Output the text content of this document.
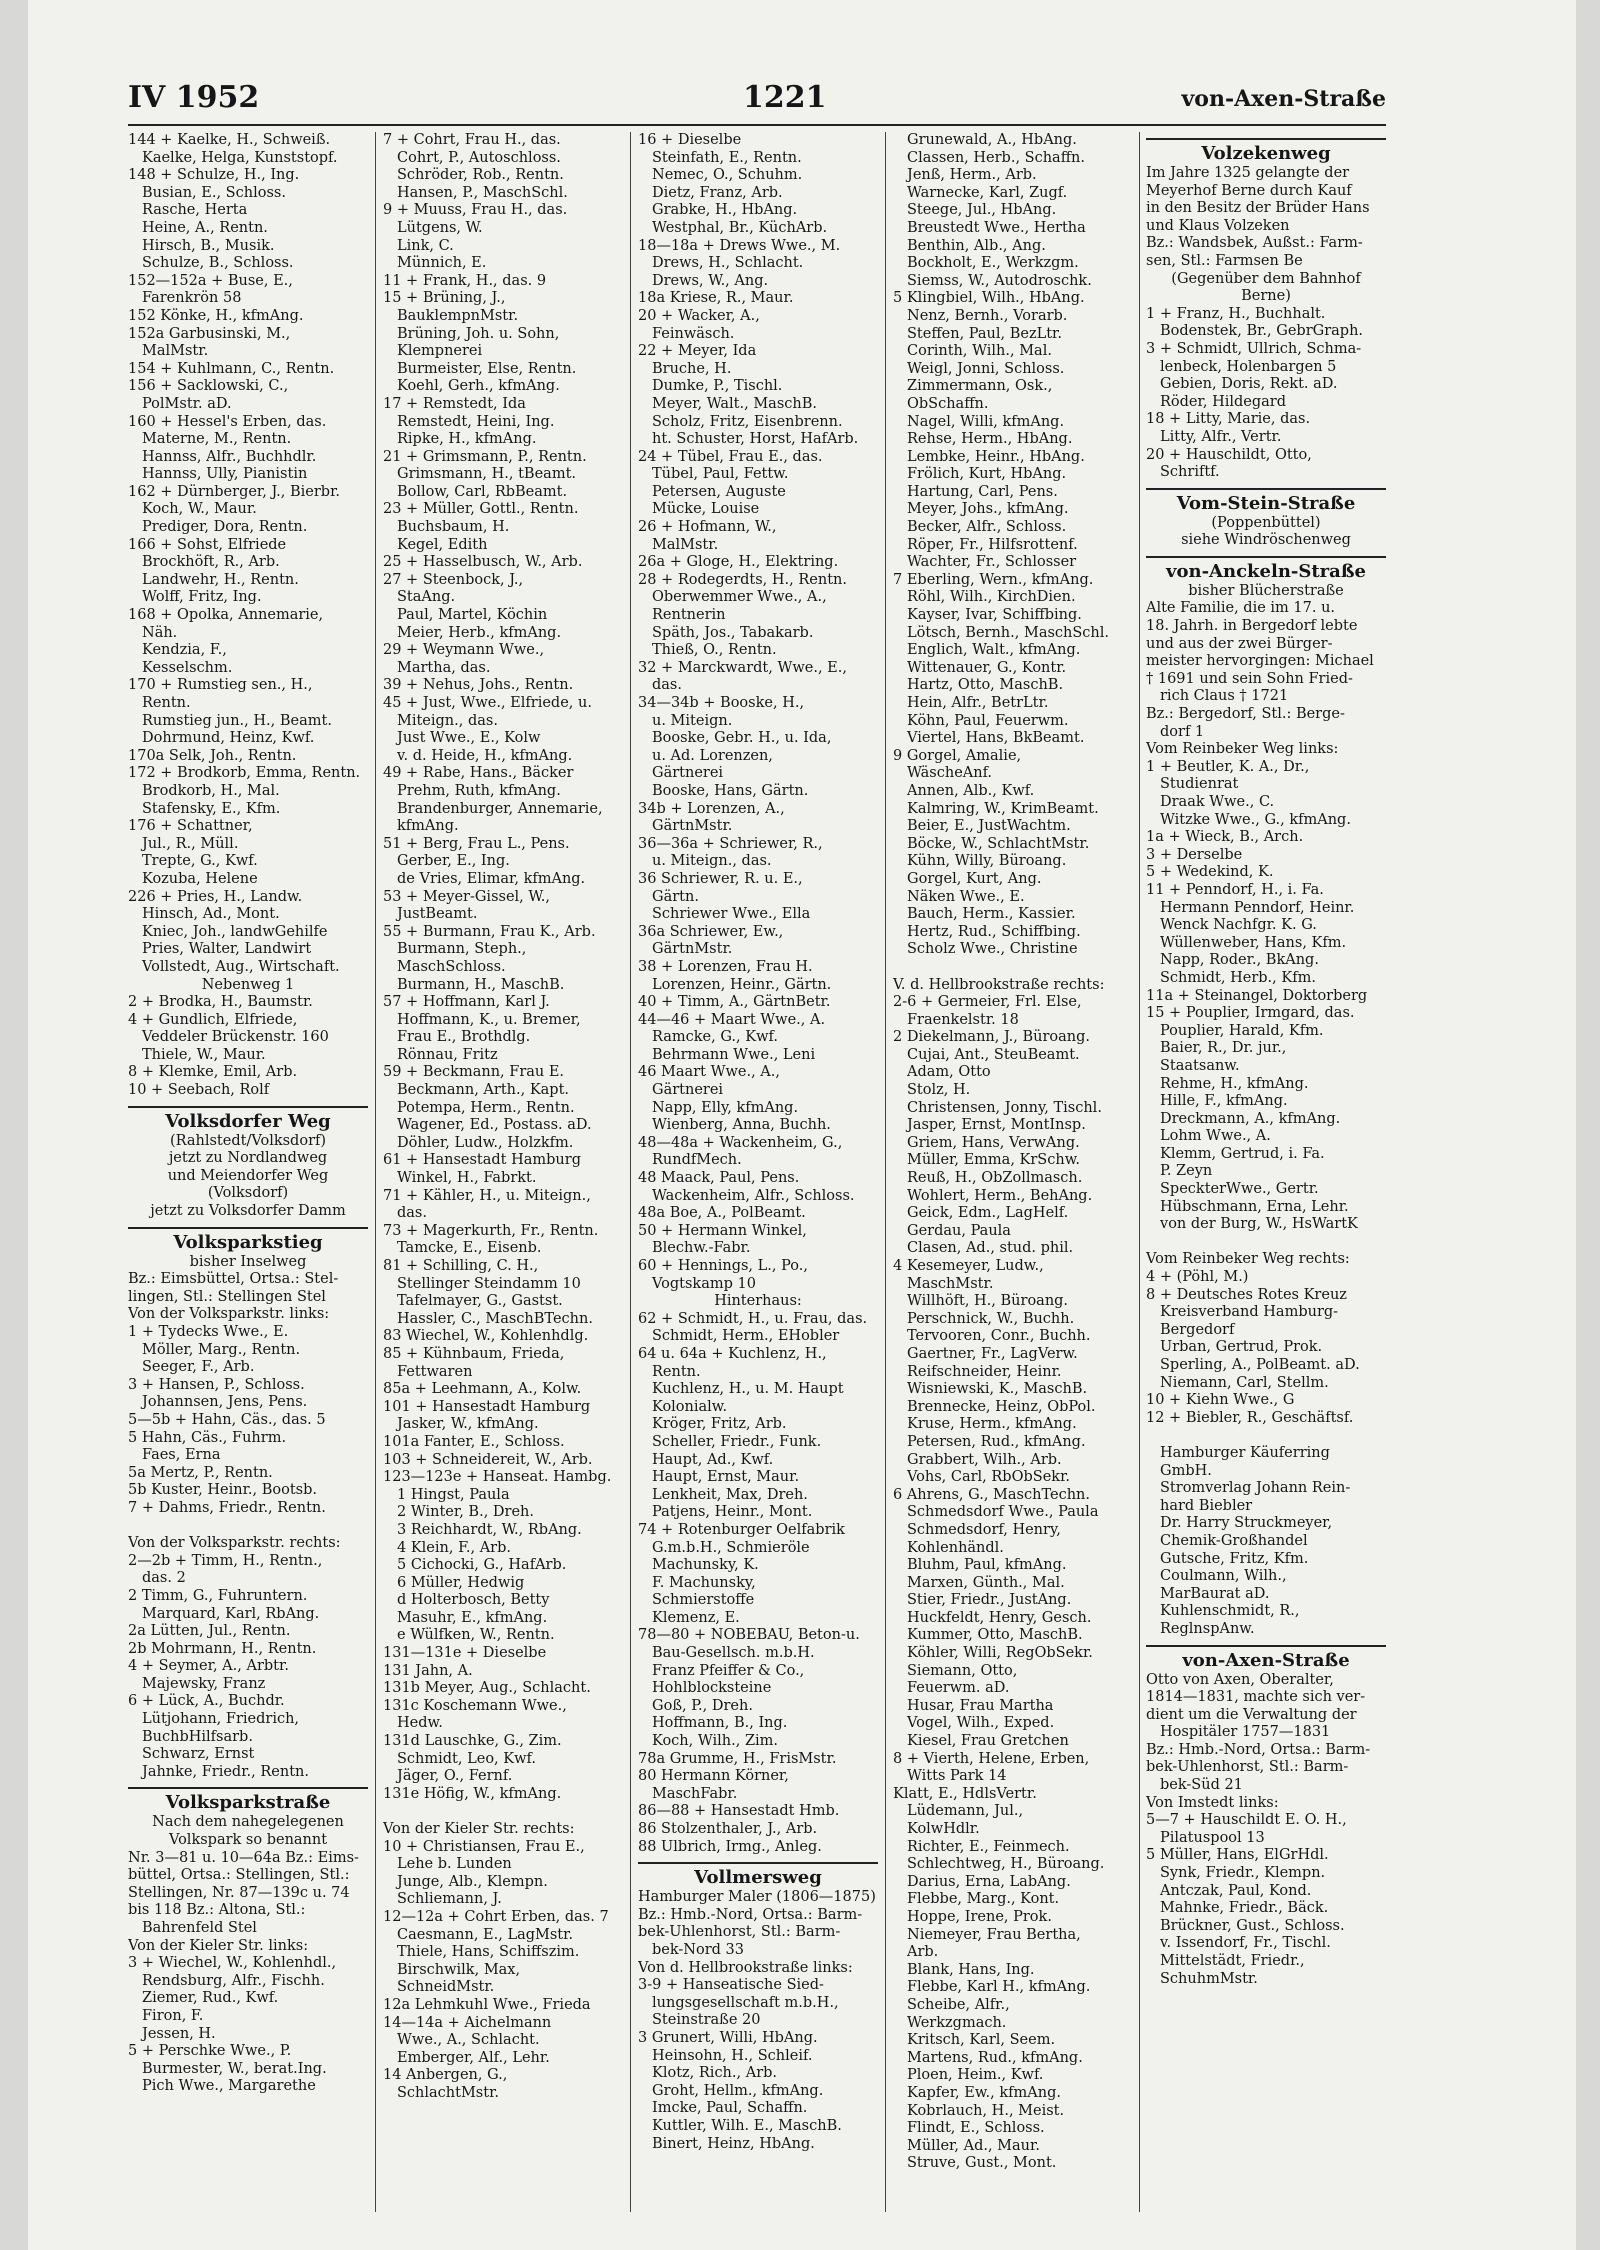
IV 1952	1221	von-Axen-Straße
144 + Kaelke, H., Schweiß.
Kaelke, Helga, Kunststopf.
148 + Schulze, H., Ing.
Busian, E., Schloss.
Rasche, Herta
Heine, A., Rentn.
Hirsch, B., Musik.
Schulze, B., Schloss.
152—152a + Buse, E.,
Farenkrön 58
152 Könke, H., kfmAng.
152a Garbusinski, M.,
MalMstr.
154 + Kuhlmann, C., Rentn.
156 + Sacklowski, C.,
PolMstr. aD.
160 + Hessel's Erben, das.
Materne, M., Rentn.
Hannss, Alfr., Buchhdlr.
Hannss, Ully, Pianistin
162 + Dürnberger, J., Bierbr.
Koch, W., Maur.
Prediger, Dora, Rentn.
166 + Sohst, Elfriede
Brockhöft, R., Arb.
Landwehr, H., Rentn.
Wolff, Fritz, Ing.
168 + Opolka, Annemarie,
Näh.
Kendzia, F.,
Kesselschm.
170 + Rumstieg sen., H.,
Rentn.
Rumstieg jun., H., Beamt.
Dohrmund, Heinz, Kwf.
170a Selk, Joh., Rentn.
172 + Brodkorb, Emma, Rentn.
Brodkorb, H., Mal.
Stafensky, E., Kfm.
176 + Schattner,
Jul., R., Müll.
Trepte, G., Kwf.
Kozuba, Helene
226 + Pries, H., Landw.
Hinsch, Ad., Mont.
Kniec, Joh., landwGehilfe
Pries, Walter, Landwirt
Vollstedt, Aug., Wirtschaft.
Nebenweg 1
2 + Brodka, H., Baumstr.
4 + Gundlich, Elfriede,
Veddeler Brückenstr. 160
Thiele, W., Maur.
8 + Klemke, Emil, Arb.
10 + Seebach, Rolf
Volksdorfer Weg
(Rahlstedt/Volksdorf)
jetzt zu Nordlandweg
und Meiendorfer Weg
(Volksdorf)
jetzt zu Volksdorfer Damm
Volksparkstieg
bisher Inselweg
Bz.: Eimsbüttel, Ortsa.: Stel-
lingen, Stl.: Stellingen Stel
Von der Volksparkstr. links:
1 + Tydecks Wwe., E.
Möller, Marg., Rentn.
Seeger, F., Arb.
3 + Hansen, P., Schloss.
Johannsen, Jens, Pens.
5—5b + Hahn, Cäs., das. 5
5 Hahn, Cäs., Fuhrm.
Faes, Erna
5a Mertz, P., Rentn.
5b Kuster, Heinr., Bootsb.
7 + Dahms, Friedr., Rentn.

Von der Volksparkstr. rechts:
2—2b + Timm, H., Rentn.,
das. 2
2 Timm, G., Fuhruntern.
Marquard, Karl, RbAng.
2a Lütten, Jul., Rentn.
2b Mohrmann, H., Rentn.
4 + Seymer, A., Arbtr.
Majewsky, Franz
6 + Lück, A., Buchdr.
Lütjohann, Friedrich,
BuchbHilfsarb.
Schwarz, Ernst
Jahnke, Friedr., Rentn.
Volksparkstraße
Nach dem nahegelegenen
Volkspark so benannt
Nr. 3—81 u. 10—64a Bz.: Eims-
büttel, Ortsa.: Stellingen, Stl.:
Stellingen, Nr. 87—139c u. 74
bis 118 Bz.: Altona, Stl.:
Bahrenfeld Stel
Von der Kieler Str. links:
3 + Wiechel, W., Kohlenhdl.,
Rendsburg, Alfr., Fischh.
Ziemer, Rud., Kwf.
Firon, F.
Jessen, H.
5 + Perschke Wwe., P.
Burmester, W., berat.Ing.
Pich Wwe., Margarethe
7 + Cohrt, Frau H., das.
Cohrt, P., Autoschloss.
Schröder, Rob., Rentn.
Hansen, P., MaschSchl.
9 + Muuss, Frau H., das.
Lütgens, W.
Link, C.
Münnich, E.
11 + Frank, H., das. 9
15 + Brüning, J.,
BauklempnMstr.
Brüning, Joh. u. Sohn,
Klempnerei
Burmeister, Else, Rentn.
Koehl, Gerh., kfmAng.
17 + Remstedt, Ida
Remstedt, Heini, Ing.
Ripke, H., kfmAng.
21 + Grimsmann, P., Rentn.
Grimsmann, H., tBeamt.
Bollow, Carl, RbBeamt.
23 + Müller, Gottl., Rentn.
Buchsbaum, H.
Kegel, Edith
25 + Hasselbusch, W., Arb.
27 + Steenbock, J.,
StaAng.
Paul, Martel, Köchin
Meier, Herb., kfmAng.
29 + Weymann Wwe.,
Martha, das.
39 + Nehus, Johs., Rentn.
45 + Just, Wwe., Elfriede, u.
Miteign., das.
Just Wwe., E., Kolw
v. d. Heide, H., kfmAng.
49 + Rabe, Hans., Bäcker
Prehm, Ruth, kfmAng.
Brandenburger, Annemarie,
kfmAng.
51 + Berg, Frau L., Pens.
Gerber, E., Ing.
de Vries, Elimar, kfmAng.
53 + Meyer-Gissel, W.,
JustBeamt.
55 + Burmann, Frau K., Arb.
Burmann, Steph.,
MaschSchloss.
Burmann, H., MaschB.
57 + Hoffmann, Karl J.
Hoffmann, K., u. Bremer,
Frau E., Brothdlg.
Rönnau, Fritz
59 + Beckmann, Frau E.
Beckmann, Arth., Kapt.
Potempa, Herm., Rentn.
Wagener, Ed., Postass. aD.
Döhler, Ludw., Holzkfm.
61 + Hansestadt Hamburg
Winkel, H., Fabrkt.
71 + Kähler, H., u. Miteign.,
das.
73 + Magerkurth, Fr., Rentn.
Tamcke, E., Eisenb.
81 + Schilling, C. H.,
Stellinger Steindamm 10
Tafelmayer, G., Gastst.
Hassler, C., MaschBTechn.
83 Wiechel, W., Kohlenhdlg.
85 + Kühnbaum, Frieda,
Fettwaren
85a + Leehmann, A., Kolw.
101 + Hansestadt Hamburg
Jasker, W., kfmAng.
101a Fanter, E., Schloss.
103 + Schneidereit, W., Arb.
123—123e + Hanseat. Hambg.
1 Hingst, Paula
2 Winter, B., Dreh.
3 Reichhardt, W., RbAng.
4 Klein, F., Arb.
5 Cichocki, G., HafArb.
6 Müller, Hedwig
d Holterbosch, Betty
Masuhr, E., kfmAng.
e Wülfken, W., Rentn.
131—131e + Dieselbe
131 Jahn, A.
131b Meyer, Aug., Schlacht.
131c Koschemann Wwe.,
Hedw.
131d Lauschke, G., Zim.
Schmidt, Leo, Kwf.
Jäger, O., Fernf.
131e Höfig, W., kfmAng.

Von der Kieler Str. rechts:
10 + Christiansen, Frau E.,
Lehe b. Lunden
Junge, Alb., Klempn.
Schliemann, J.
12—12a + Cohrt Erben, das. 7
Caesmann, E., LagMstr.
Thiele, Hans, Schiffszim.
Birschwilk, Max,
SchneidMstr.
12a Lehmkuhl Wwe., Frieda
14—14a + Aichelmann
Wwe., A., Schlacht.
Emberger, Alf., Lehr.
14 Anbergen, G.,
SchlachtMstr.
16 + Dieselbe
Steinfath, E., Rentn.
Nemec, O., Schuhm.
Dietz, Franz, Arb.
Grabke, H., HbAng.
Westphal, Br., KüchArb.
18—18a + Drews Wwe., M.
Drews, H., Schlacht.
Drews, W., Ang.
18a Kriese, R., Maur.
20 + Wacker, A.,
Feinwäsch.
22 + Meyer, Ida
Bruche, H.
Dumke, P., Tischl.
Meyer, Walt., MaschB.
Scholz, Fritz, Eisenbrenn.
ht. Schuster, Horst, HafArb.
24 + Tübel, Frau E., das.
Tübel, Paul, Fettw.
Petersen, Auguste
Mücke, Louise
26 + Hofmann, W.,
MalMstr.
26a + Gloge, H., Elektring.
28 + Rodegerdts, H., Rentn.
Oberwemmer Wwe., A.,
Rentnerin
Späth, Jos., Tabakarb.
Thieß, O., Rentn.
32 + Marckwardt, Wwe., E.,
das.
34—34b + Booske, H.,
u. Miteign.
Booske, Gebr. H., u. Ida,
u. Ad. Lorenzen,
Gärtnerei
Booske, Hans, Gärtn.
34b + Lorenzen, A.,
GärtnMstr.
36—36a + Schriewer, R.,
u. Miteign., das.
36 Schriewer, R. u. E.,
Gärtn.
Schriewer Wwe., Ella
36a Schriewer, Ew.,
GärtnMstr.
38 + Lorenzen, Frau H.
Lorenzen, Heinr., Gärtn.
40 + Timm, A., GärtnBetr.
44—46 + Maart Wwe., A.
Ramcke, G., Kwf.
Behrmann Wwe., Leni
46 Maart Wwe., A.,
Gärtnerei
Napp, Elly, kfmAng.
Wienberg, Anna, Buchh.
48—48a + Wackenheim, G.,
RundfMech.
48 Maack, Paul, Pens.
Wackenheim, Alfr., Schloss.
48a Boe, A., PolBeamt.
50 + Hermann Winkel,
Blechw.-Fabr.
60 + Hennings, L., Po.,
Vogtskamp 10
Hinterhaus:
62 + Schmidt, H., u. Frau, das.
Schmidt, Herm., EHobler
64 u. 64a + Kuchlenz, H.,
Rentn.
Kuchlenz, H., u. M. Haupt
Kolonialw.
Kröger, Fritz, Arb.
Scheller, Friedr., Funk.
Haupt, Ad., Kwf.
Haupt, Ernst, Maur.
Lenkheit, Max, Dreh.
Patjens, Heinr., Mont.
74 + Rotenburger Oelfabrik
G.m.b.H., Schmieröle
Machunsky, K.
F. Machunsky,
Schmierstoffe
Klemenz, E.
78—80 + NOBEBAU, Beton-u.
Bau-Gesellsch. m.b.H.
Franz Pfeiffer & Co.,
Hohlblocksteine
Goß, P., Dreh.
Hoffmann, B., Ing.
Koch, Wilh., Zim.
78a Grumme, H., FrisMstr.
80 Hermann Körner,
MaschFabr.
86—88 + Hansestadt Hmb.
86 Stolzenthaler, J., Arb.
88 Ulbrich, Irmg., Anleg.
Vollmersweg
Hamburger Maler (1806—1875)
Bz.: Hmb.-Nord, Ortsa.: Barm-
bek-Uhlenhorst, Stl.: Barm-
bek-Nord 33
Von d. Hellbrookstraße links:
3-9 + Hanseatische Sied-
lungsgesellschaft m.b.H.,
Steinstraße 20
3 Grunert, Willi, HbAng.
Heinsohn, H., Schleif.
Klotz, Rich., Arb.
Groht, Hellm., kfmAng.
Imcke, Paul, Schaffn.
Kuttler, Wilh. E., MaschB.
Binert, Heinz, HbAng.
Grunewald, A., HbAng.
Classen, Herb., Schaffn.
Jenß, Herm., Arb.
Warnecke, Karl, Zugf.
Steege, Jul., HbAng.
Breustedt Wwe., Hertha
Benthin, Alb., Ang.
Bockholt, E., Werkzgm.
Siemss, W., Autodroschk.
5 Klingbiel, Wilh., HbAng.
Nenz, Bernh., Vorarb.
Steffen, Paul, BezLtr.
Corinth, Wilh., Mal.
Weigl, Jonni, Schloss.
Zimmermann, Osk.,
ObSchaffn.
Nagel, Willi, kfmAng.
Rehse, Herm., HbAng.
Lembke, Heinr., HbAng.
Frölich, Kurt, HbAng.
Hartung, Carl, Pens.
Meyer, Johs., kfmAng.
Becker, Alfr., Schloss.
Röper, Fr., Hilfsrottenf.
Wachter, Fr., Schlosser
7 Eberling, Wern., kfmAng.
Röhl, Wilh., KirchDien.
Kayser, Ivar, Schiffbing.
Lötsch, Bernh., MaschSchl.
Englich, Walt., kfmAng.
Wittenauer, G., Kontr.
Hartz, Otto, MaschB.
Hein, Alfr., BetrLtr.
Köhn, Paul, Feuerwm.
Viertel, Hans, BkBeamt.
9 Gorgel, Amalie,
WäscheAnf.
Annen, Alb., Kwf.
Kalmring, W., KrimBeamt.
Beier, E., JustWachtm.
Böcke, W., SchlachtMstr.
Kühn, Willy, Büroang.
Gorgel, Kurt, Ang.
Näken Wwe., E.
Bauch, Herm., Kassier.
Hertz, Rud., Schiffbing.
Scholz Wwe., Christine

V. d. Hellbrookstraße rechts:
2-6 + Germeier, Frl. Else,
Fraenkelstr. 18
2 Diekelmann, J., Büroang.
Cujai, Ant., SteuBeamt.
Adam, Otto
Stolz, H.
Christensen, Jonny, Tischl.
Jasper, Ernst, MontInsp.
Griem, Hans, VerwAng.
Müller, Emma, KrSchw.
Reuß, H., ObZollmasch.
Wohlert, Herm., BehAng.
Geick, Edm., LagHelf.
Gerdau, Paula
Clasen, Ad., stud. phil.
4 Kesemeyer, Ludw.,
MaschMstr.
Willhöft, H., Büroang.
Perschnick, W., Buchh.
Tervooren, Conr., Buchh.
Gaertner, Fr., LagVerw.
Reifschneider, Heinr.
Wisniewski, K., MaschB.
Brennecke, Heinz, ObPol.
Kruse, Herm., kfmAng.
Petersen, Rud., kfmAng.
Grabbert, Wilh., Arb.
Vohs, Carl, RbObSekr.
6 Ahrens, G., MaschTechn.
Schmedsdorf Wwe., Paula
Schmedsdorf, Henry,
Kohlenhändl.
Bluhm, Paul, kfmAng.
Marxen, Günth., Mal.
Stier, Friedr., JustAng.
Huckfeldt, Henry, Gesch.
Kummer, Otto, MaschB.
Köhler, Willi, RegObSekr.
Siemann, Otto,
Feuerwm. aD.
Husar, Frau Martha
Vogel, Wilh., Exped.
Kiesel, Frau Gretchen
8 + Vierth, Helene, Erben,
Witts Park 14
Klatt, E., HdlsVertr.
Lüdemann, Jul.,
KolwHdlr.
Richter, E., Feinmech.
Schlechtweg, H., Büroang.
Darius, Erna, LabAng.
Flebbe, Marg., Kont.
Hoppe, Irene, Prok.
Niemeyer, Frau Bertha,
Arb.
Blank, Hans, Ing.
Flebbe, Karl H., kfmAng.
Scheibe, Alfr.,
Werkzgmach.
Kritsch, Karl, Seem.
Martens, Rud., kfmAng.
Ploen, Heim., Kwf.
Kapfer, Ew., kfmAng.
Kobrlauch, H., Meist.
Flindt, E., Schloss.
Müller, Ad., Maur.
Struve, Gust., Mont.
Volzekenweg
Im Jahre 1325 gelangte der
Meyerhof Berne durch Kauf
in den Besitz der Brüder Hans
und Klaus Volzeken
Bz.: Wandsbek, Außst.: Farm-
sen, Stl.: Farmsen Be
(Gegenüber dem Bahnhof
Berne)
1 + Franz, H., Buchhalt.
Bodenstek, Br., GebrGraph.
3 + Schmidt, Ullrich, Schma-
lenbeck, Holenbargen 5
Gebien, Doris, Rekt. aD.
Röder, Hildegard
18 + Litty, Marie, das.
Litty, Alfr., Vertr.
20 + Hauschildt, Otto,
Schriftf.
Vom-Stein-Straße
(Poppenbüttel)
siehe Windröschenweg
von-Anckeln-Straße
bisher Blücherstraße
Alte Familie, die im 17. u.
18. Jahrh. in Bergedorf lebte
und aus der zwei Bürger-
meister hervorgingen: Michael
† 1691 und sein Sohn Fried-
rich Claus † 1721
Bz.: Bergedorf, Stl.: Berge-
dorf 1
Vom Reinbeker Weg links:
1 + Beutler, K. A., Dr.,
Studienrat
Draak Wwe., C.
Witzke Wwe., G., kfmAng.
1a + Wieck, B., Arch.
3 + Derselbe
5 + Wedekind, K.
11 + Penndorf, H., i. Fa.
Hermann Penndorf, Heinr.
Wenck Nachfgr. K. G.
Wüllenweber, Hans, Kfm.
Napp, Roder., BkAng.
Schmidt, Herb., Kfm.
11a + Steinangel, Doktorberg
15 + Pouplier, Irmgard, das.
Pouplier, Harald, Kfm.
Baier, R., Dr. jur.,
Staatsanw.
Rehme, H., kfmAng.
Hille, F., kfmAng.
Dreckmann, A., kfmAng.
Lohm Wwe., A.
Klemm, Gertrud, i. Fa.
P. Zeyn
SpeckterWwe., Gertr.
Hübschmann, Erna, Lehr.
von der Burg, W., HsWartK

Vom Reinbeker Weg rechts:
4 + (Pöhl, M.)
8 + Deutsches Rotes Kreuz
Kreisverband Hamburg-
Bergedorf
Urban, Gertrud, Prok.
Sperling, A., PolBeamt. aD.
Niemann, Carl, Stellm.
10 + Kiehn Wwe., G
12 + Biebler, R., Geschäftsf.

Hamburger Käuferring
GmbH.
Stromverlag Johann Rein-
hard Biebler
Dr. Harry Struckmeyer,
Chemik-Großhandel
Gutsche, Fritz, Kfm.
Coulmann, Wilh.,
MarBaurat aD.
Kuhlenschmidt, R.,
ReglnspAnw.
von-Axen-Straße
Otto von Axen, Oberalter,
1814—1831, machte sich ver-
dient um die Verwaltung der
Hospitäler 1757—1831
Bz.: Hmb.-Nord, Ortsa.: Barm-
bek-Uhlenhorst, Stl.: Barm-
bek-Süd 21
Von Imstedt links:
5—7 + Hauschildt E. O. H.,
Pilatuspool 13
5 Müller, Hans, ElGrHdl.
Synk, Friedr., Klempn.
Antczak, Paul, Kond.
Mahnke, Friedr., Bäck.
Brückner, Gust., Schloss.
v. Issendorf, Fr., Tischl.
Mittelstädt, Friedr.,
SchuhmMstr.
